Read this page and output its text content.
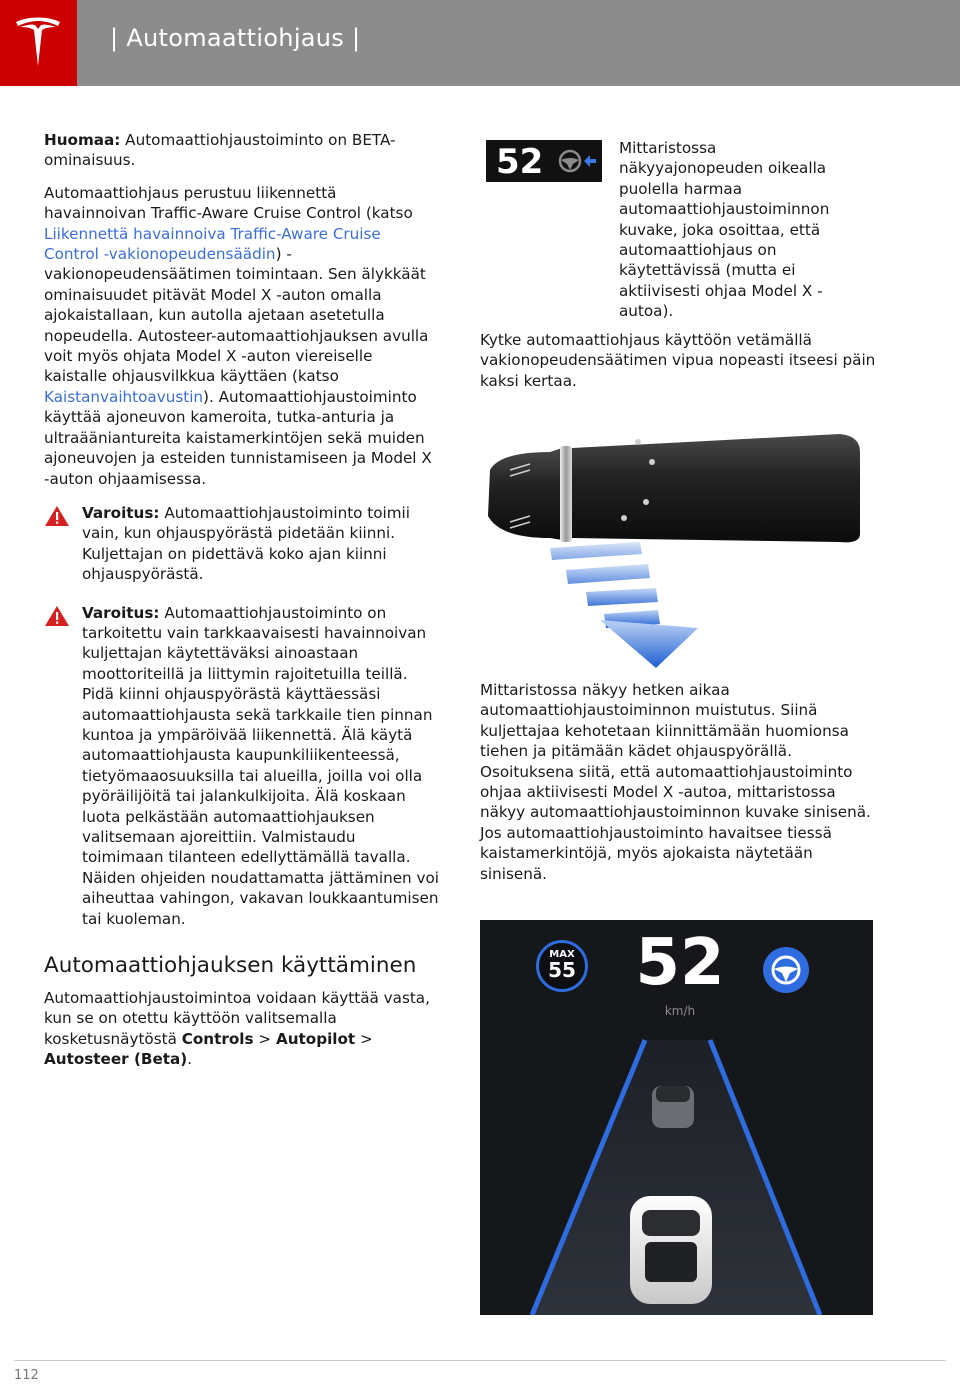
| Automaattiohjaus |

Huomaa: Automaattiohjaustoiminto on BETA-ominaisuus.

Automaattiohjaus perustuu liikennettä havainnoivan Traffic-Aware Cruise Control (katso Liikennettä havainnoiva Traffic-Aware Cruise Control -vakionopeudensäädin) -vakionopeudensäätimen toimintaan. Sen älykkäät ominaisuudet pitävät Model X -auton omalla ajokaistallaan, kun autolla ajetaan asetetulla nopeudella. Autosteer-automaattiohjauksen avulla voit myös ohjata Model X -auton viereiselle kaistalle ohjausvilkkua käyttäen (katso Kaistanvaihtoavustin). Automaattiohjaustoiminto käyttää ajoneuvon kameroita, tutka-anturia ja ultraääniantureita kaistamerkintöjen sekä muiden ajoneuvojen ja esteiden tunnistamiseen ja Model X -auton ohjaamisessa.

Varoitus: Automaattiohjaustoiminto toimii vain, kun ohjauspyörästä pidetään kiinni. Kuljettajan on pidettävä koko ajan kiinni ohjauspyörästä.

Varoitus: Automaattiohjaustoiminto on tarkoitettu vain tarkkaavaisesti havainnoivan kuljettajan käytettäväksi ainoastaan moottoriteillä ja liittymin rajoitetuilla teillä. Pidä kiinni ohjauspyörästä käyttäessäsi automaattiohjausta sekä tarkkaile tien pinnan kuntoa ja ympäröivää liikennettä. Älä käytä automaattiohjausta kaupunkiliikenteessä, tietyömaaosuuksilla tai alueilla, joilla voi olla pyöräilijöitä tai jalankulkijoita. Älä koskaan luota pelkästään automaattiohjauksen valitsemaan ajoreittiin. Valmistaudu toimimaan tilanteen edellyttämällä tavalla. Näiden ohjeiden noudattamatta jättäminen voi aiheuttaa vahingon, vakavan loukkaantumisen tai kuoleman.

Automaattiohjauksen käyttäminen

Automaattiohjaustoimintoa voidaan käyttää vasta, kun se on otettu käyttöön valitsemalla kosketusnäytöstä Controls > Autopilot > Autosteer (Beta).

52	Mittaristossa näkyyajonopeuden oikealla puolella harmaa automaattiohjaustoiminnon kuvake, joka osoittaa, että automaattiohjaus on käytettävissä (mutta ei aktiivisesti ohjaa Model X -autoa).

Kytke automaattiohjaus käyttöön vetämällä vakionopeudensäätimen vipua nopeasti itseesi päin kaksi kertaa.

Mittaristossa näkyy hetken aikaa automaattiohjaustoiminnon muistutus. Siinä kuljettajaa kehotetaan kiinnittämään huomionsa tiehen ja pitämään kädet ohjauspyörällä. Osoituksena siitä, että automaattiohjaustoiminto ohjaa aktiivisesti Model X -autoa, mittaristossa näkyy automaattiohjaustoiminnon kuvake sinisenä. Jos automaattiohjaustoiminto havaitsee tiessä kaistamerkintöjä, myös ajokaista näytetään sinisenä.

MAX
55 52
km/h
112
